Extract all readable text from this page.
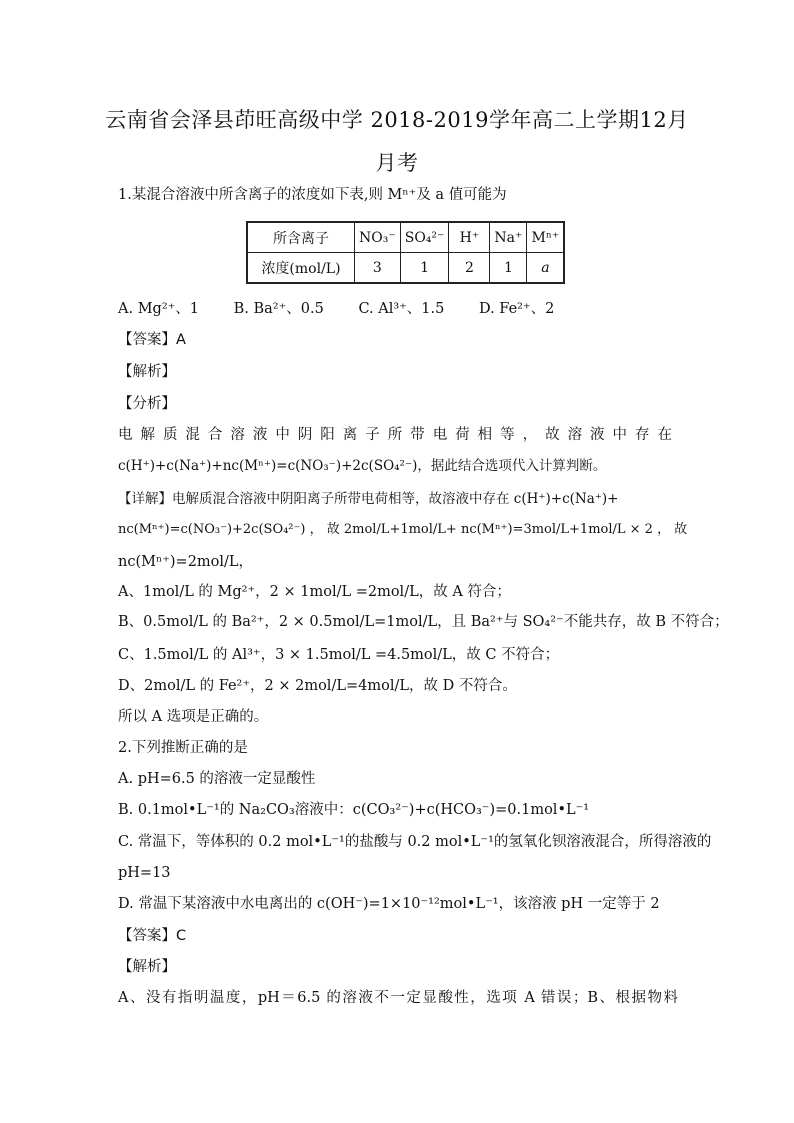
云南省会泽县茚旺高级中学 2018-2019学年高二上学期12月
月考
1.某混合溶液中所含离子的浓度如下表,则 Mⁿ⁺及 a 值可能为
所含离子	NO₃⁻	SO₄²⁻	H⁺	Na⁺	Mⁿ⁺
浓度(mol/L)	3	1	2	1	a
A. Mg²⁺、1 B. Ba²⁺、0.5 C. Al³⁺、1.5 D. Fe²⁺、2
【答案】A
【解析】
【分析】
电解质混合溶液中阴阳离子所带电荷相等，故溶液中存在
c(H⁺)+c(Na⁺)+nc(Mⁿ⁺)=c(NO₃⁻)+2c(SO₄²⁻)，据此结合选项代入计算判断。
【详解】电解质混合溶液中阴阳离子所带电荷相等，故溶液中存在 c(H⁺)+c(Na⁺)+
nc(Mⁿ⁺)=c(NO₃⁻)+2c(SO₄²⁻) ， 故 2mol/L+1mol/L+ nc(Mⁿ⁺)=3mol/L+1mol/L × 2 ， 故
nc(Mⁿ⁺)=2mol/L，
A、1mol/L 的 Mg²⁺，2 × 1mol/L =2mol/L，故 A 符合；
B、0.5mol/L 的 Ba²⁺，2 × 0.5mol/L=1mol/L，且 Ba²⁺与 SO₄²⁻不能共存，故 B 不符合；
C、1.5mol/L 的 Al³⁺，3 × 1.5mol/L =4.5mol/L，故 C 不符合；
D、2mol/L 的 Fe²⁺，2 × 2mol/L=4mol/L，故 D 不符合。
所以 A 选项是正确的。
2.下列推断正确的是
A. pH=6.5 的溶液一定显酸性
B. 0.1mol•L⁻¹的 Na₂CO₃溶液中：c(CO₃²⁻)+c(HCO₃⁻)=0.1mol•L⁻¹
C. 常温下，等体积的 0.2 mol•L⁻¹的盐酸与 0.2 mol•L⁻¹的氢氧化钡溶液混合，所得溶液的
pH=13
D. 常温下某溶液中水电离出的 c(OH⁻)=1×10⁻¹²mol•L⁻¹，该溶液 pH 一定等于 2
【答案】C
【解析】
A、没有指明温度，pH＝6.5 的溶液不一定显酸性，选项 A 错误；B、根据物料
